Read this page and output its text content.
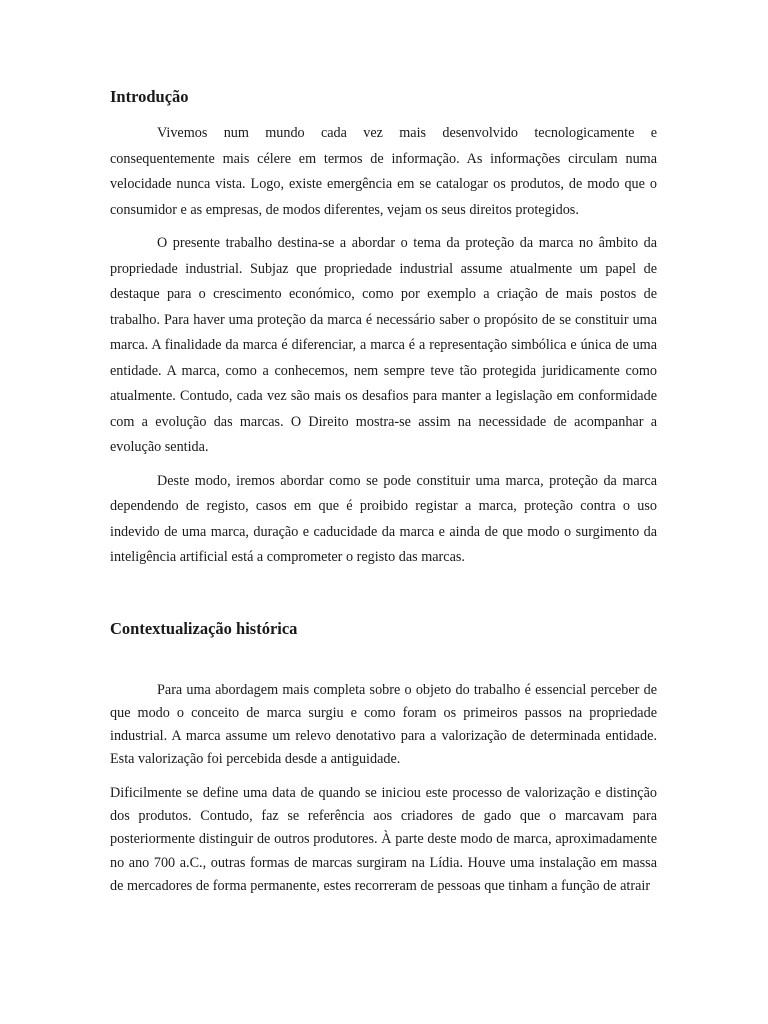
Introdução

Vivemos num mundo cada vez mais desenvolvido tecnologicamente e consequentemente mais célere em termos de informação. As informações circulam numa velocidade nunca vista. Logo, existe emergência em se catalogar os produtos, de modo que o consumidor e as empresas, de modos diferentes, vejam os seus direitos protegidos.

O presente trabalho destina-se a abordar o tema da proteção da marca no âmbito da propriedade industrial. Subjaz que propriedade industrial assume atualmente um papel de destaque para o crescimento económico, como por exemplo a criação de mais postos de trabalho. Para haver uma proteção da marca é necessário saber o propósito de se constituir uma marca. A finalidade da marca é diferenciar, a marca é a representação simbólica e única de uma entidade. A marca, como a conhecemos, nem sempre teve tão protegida juridicamente como atualmente. Contudo, cada vez são mais os desafios para manter a legislação em conformidade com a evolução das marcas. O Direito mostra-se assim na necessidade de acompanhar a evolução sentida.

Deste modo, iremos abordar como se pode constituir uma marca, proteção da marca dependendo de registo, casos em que é proibido registar a marca, proteção contra o uso indevido de uma marca, duração e caducidade da marca e ainda de que modo o surgimento da inteligência artificial está a comprometer o registo das marcas.

Contextualização histórica

Para uma abordagem mais completa sobre o objeto do trabalho é essencial perceber de que modo o conceito de marca surgiu e como foram os primeiros passos na propriedade industrial. A marca assume um relevo denotativo para a valorização de determinada entidade. Esta valorização foi percebida desde a antiguidade.

Dificilmente se define uma data de quando se iniciou este processo de valorização e distinção dos produtos. Contudo, faz se referência aos criadores de gado que o marcavam para posteriormente distinguir de outros produtores. À parte deste modo de marca, aproximadamente no ano 700 a.C., outras formas de marcas surgiram na Lídia. Houve uma instalação em massa de mercadores de forma permanente, estes recorreram de pessoas que tinham a função de atrair
